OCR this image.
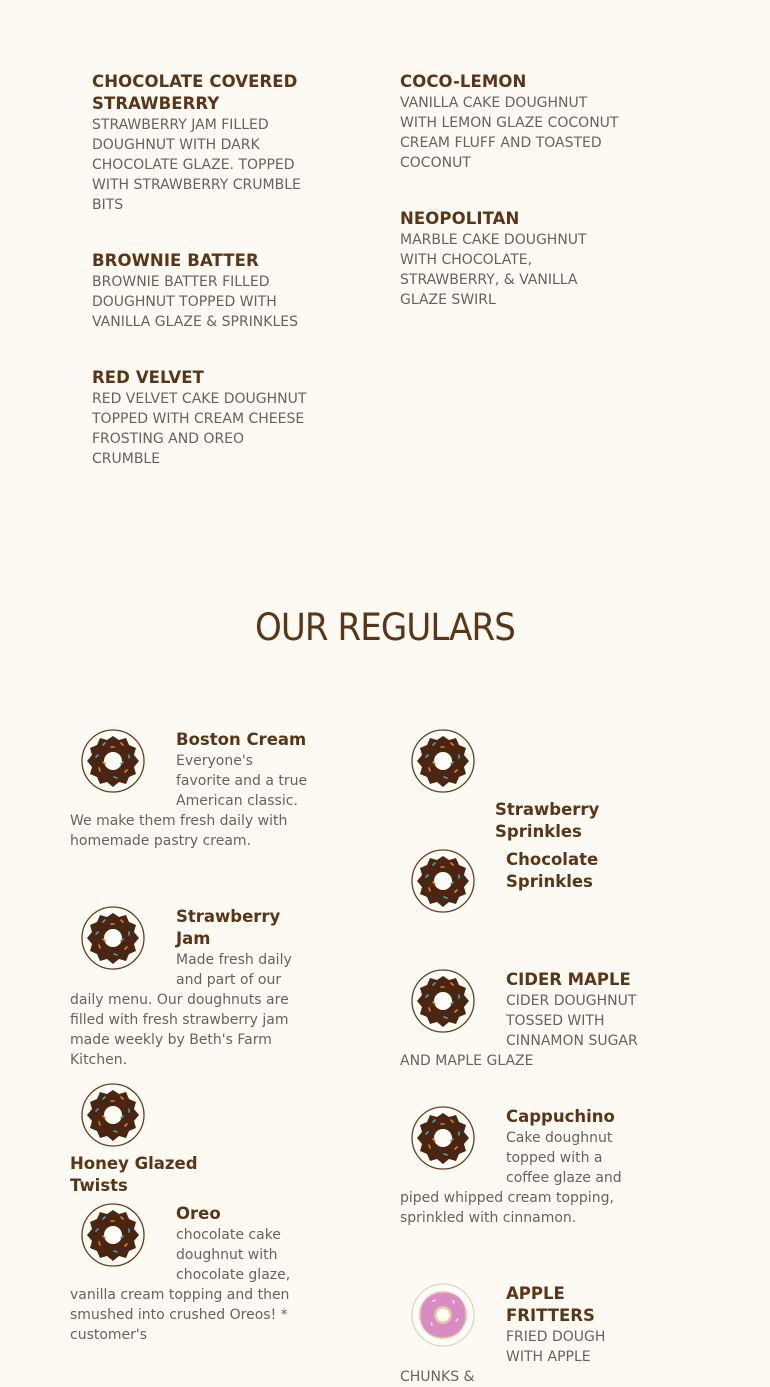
CHOCOLATE COVERED STRAWBERRY

STRAWBERRY JAM FILLED DOUGHNUT WITH DARK CHOCOLATE GLAZE. TOPPED WITH STRAWBERRY CRUMBLE BITS

BROWNIE BATTER

BROWNIE BATTER FILLED DOUGHNUT TOPPED WITH VANILLA GLAZE & SPRINKLES

RED VELVET

RED VELVET CAKE DOUGHNUT TOPPED WITH CREAM CHEESE FROSTING AND OREO CRUMBLE

COCO-LEMON

VANILLA CAKE DOUGHNUT WITH LEMON GLAZE COCONUT CREAM FLUFF AND TOASTED COCONUT

NEOPOLITAN

MARBLE CAKE DOUGHNUT WITH CHOCOLATE, STRAWBERRY, & VANILLA GLAZE SWIRL

OUR REGULARS
Boston Cream

Everyone's favorite and a true American classic. We make them fresh daily with homemade pastry cream.

Strawberry Jam

Made fresh daily and part of our daily menu. Our doughnuts are filled with fresh strawberry jam made weekly by Beth's Farm Kitchen.

Honey Glazed Twists
Oreo

chocolate cake doughnut with chocolate glaze, vanilla cream topping and then smushed into crushed Oreos! * customer's

Strawberry Sprinkles
Chocolate Sprinkles
CIDER MAPLE

CIDER DOUGHNUT TOSSED WITH CINNAMON SUGAR AND MAPLE GLAZE

Cappuchino

Cake doughnut topped with a coffee glaze and piped whipped cream topping, sprinkled with cinnamon.

APPLE FRITTERS

FRIED DOUGH WITH APPLE CHUNKS &
